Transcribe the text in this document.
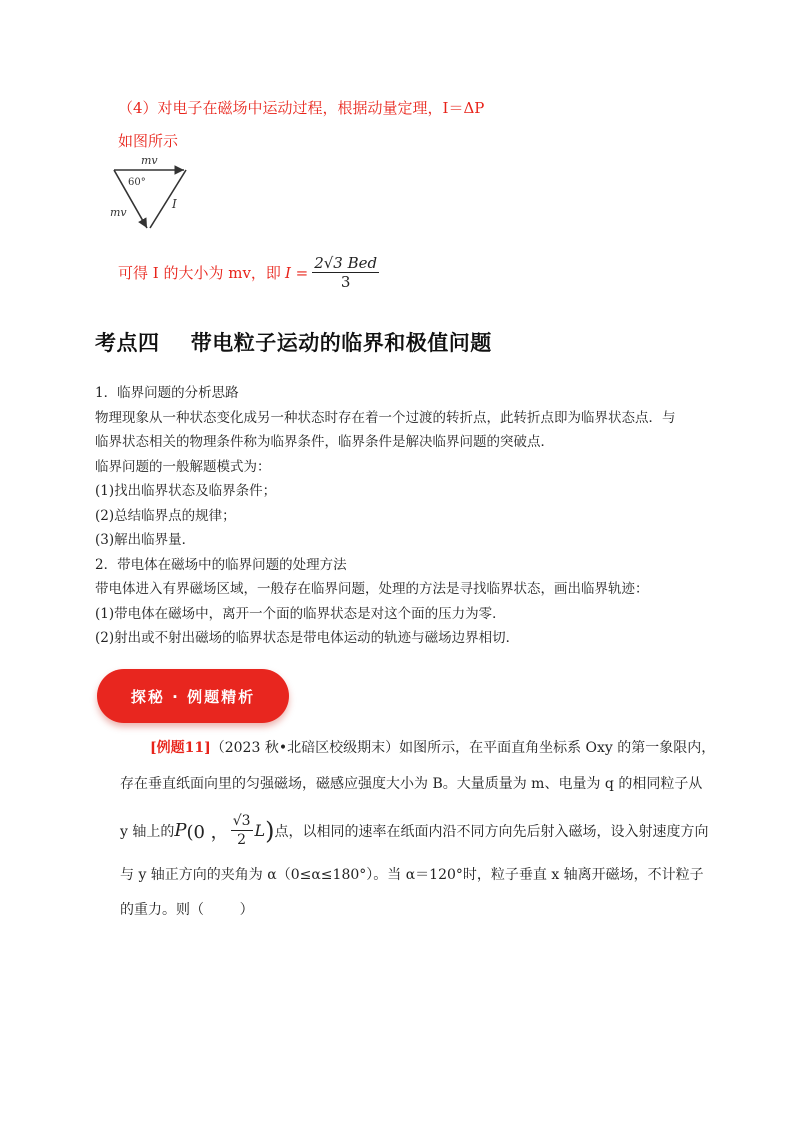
（4）对电子在磁场中运动过程，根据动量定理，I＝ΔP
如图所示
mv
60°
mv
I
可得 I 的大小为 mv，即 $I = \frac{\text{2√3 Bed}}{3}$
考点四    带电粒子运动的临界和极值问题

1．临界问题的分析思路

物理现象从一种状态变化成另一种状态时存在着一个过渡的转折点，此转折点即为临界状态点．与

临界状态相关的物理条件称为临界条件，临界条件是解决临界问题的突破点．

临界问题的一般解题模式为：

(1)找出临界状态及临界条件；

(2)总结临界点的规律；

(3)解出临界量．

2．带电体在磁场中的临界问题的处理方法

带电体进入有界磁场区域，一般存在临界问题，处理的方法是寻找临界状态，画出临界轨迹：

(1)带电体在磁场中，离开一个面的临界状态是对这个面的压力为零．

(2)射出或不射出磁场的临界状态是带电体运动的轨迹与磁场边界相切．

探秘 · 例题精析
[例题11]（2023 秋•北碚区校级期末）如图所示，在平面直角坐标系 Oxy 的第一象限内，
存在垂直纸面向里的匀强磁场，磁感应强度大小为 B。大量质量为 m、电量为 q 的相同粒子从
y 轴上的 P (0 ， $\frac{√3}{2}$ L ) 点，以相同的速率在纸面内沿不同方向先后射入磁场，设入射速度方向
与 y 轴正方向的夹角为 α（0≤α≤180°）。当 α＝120°时，粒子垂直 x 轴离开磁场，不计粒子
的重力。则（        ）
